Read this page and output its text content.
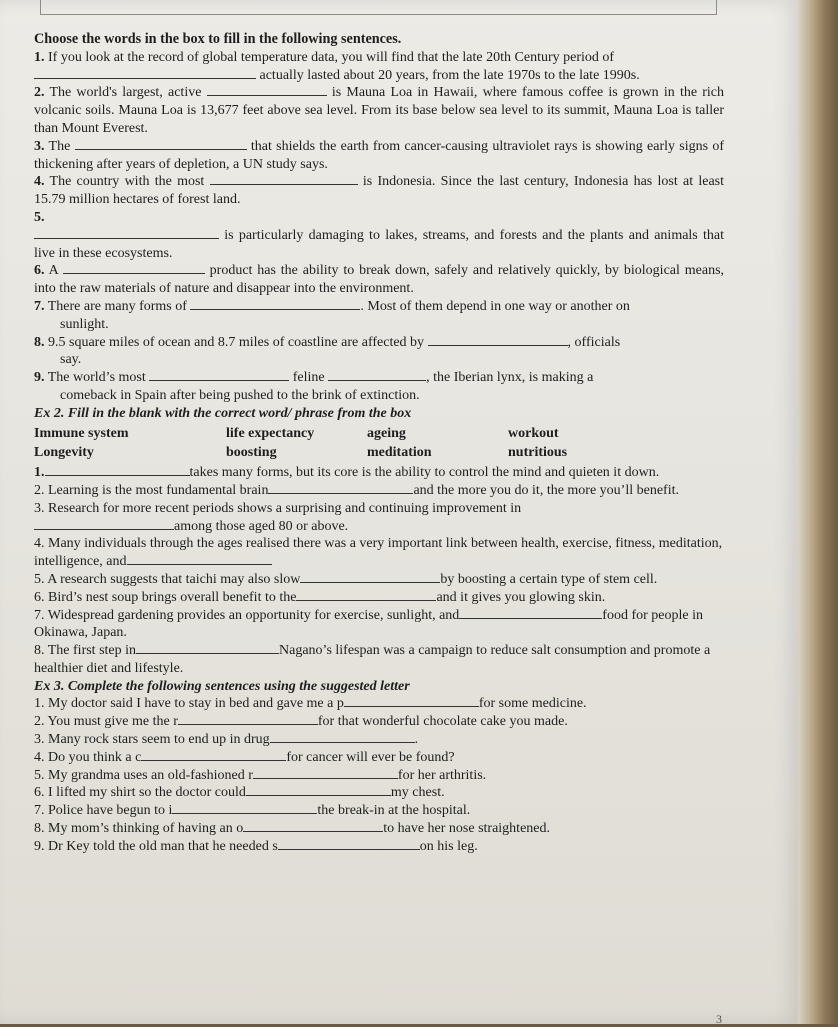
Choose the words in the box to fill in the following sentences.

1. If you look at the record of global temperature data, you will find that the late 20th Century period of
actually lasted about 20 years, from the late 1970s to the late 1990s.

2. The world's largest, active	is Mauna Loa in Hawaii, where famous coffee is grown in the rich volcanic soils. Mauna Loa is 13,677 feet above sea level. From its base below sea level to its summit, Mauna Loa is taller than Mount Everest.

3. The	that shields the earth from cancer-causing ultraviolet rays is showing early signs of thickening after years of depletion, a UN study says.

4. The country with the most	is Indonesia. Since the last century, Indonesia has lost at least 15.79 million hectares of forest land.

5.
is particularly damaging to lakes, streams, and forests and the plants and animals that live in these ecosystems.

6. A	product has the ability to break down, safely and relatively quickly, by biological means, into the raw materials of nature and disappear into the environment.

7. There are many forms of	. Most of them depend in one way or another on
sunlight.

8. 9.5 square miles of ocean and 8.7 miles of coastline are affected by	, officials
say.

9. The world’s most	feline	, the Iberian lynx, is making a
comeback in Spain after being pushed to the brink of extinction.

Ex 2. Fill in the blank with the correct word/ phrase from the box

Immune system	life expectancy	ageing	workout
Longevity	boosting	meditation	nutritious

1.	takes many forms, but its core is the ability to control the mind and quieten it down.

2. Learning is the most fundamental brain	and the more you do it, the more you’ll benefit.

3. Research for more recent periods shows a surprising and continuing improvement in
among those aged 80 or above.

4. Many individuals through the ages realised there was a very important link between health, exercise, fitness, meditation, intelligence, and

5. A research suggests that taichi may also slow	by boosting a certain type of stem cell.

6. Bird’s nest soup brings overall benefit to the	and it gives you glowing skin.

7. Widespread gardening provides an opportunity for exercise, sunlight, and	food for people in Okinawa, Japan.

8. The first step in	Nagano’s lifespan was a campaign to reduce salt consumption and promote a healthier diet and lifestyle.

Ex 3. Complete the following sentences using the suggested letter

1. My doctor said I have to stay in bed and gave me a p	for some medicine.

2. You must give me the r	for that wonderful chocolate cake you made.

3. Many rock stars seem to end up in drug	.

4. Do you think a c	for cancer will ever be found?

5. My grandma uses an old-fashioned r	for her arthritis.

6. I lifted my shirt so the doctor could	my chest.

7. Police have begun to i	the break-in at the hospital.

8. My mom’s thinking of having an o	to have her nose straightened.

9. Dr Key told the old man that he needed s	on his leg.

3
